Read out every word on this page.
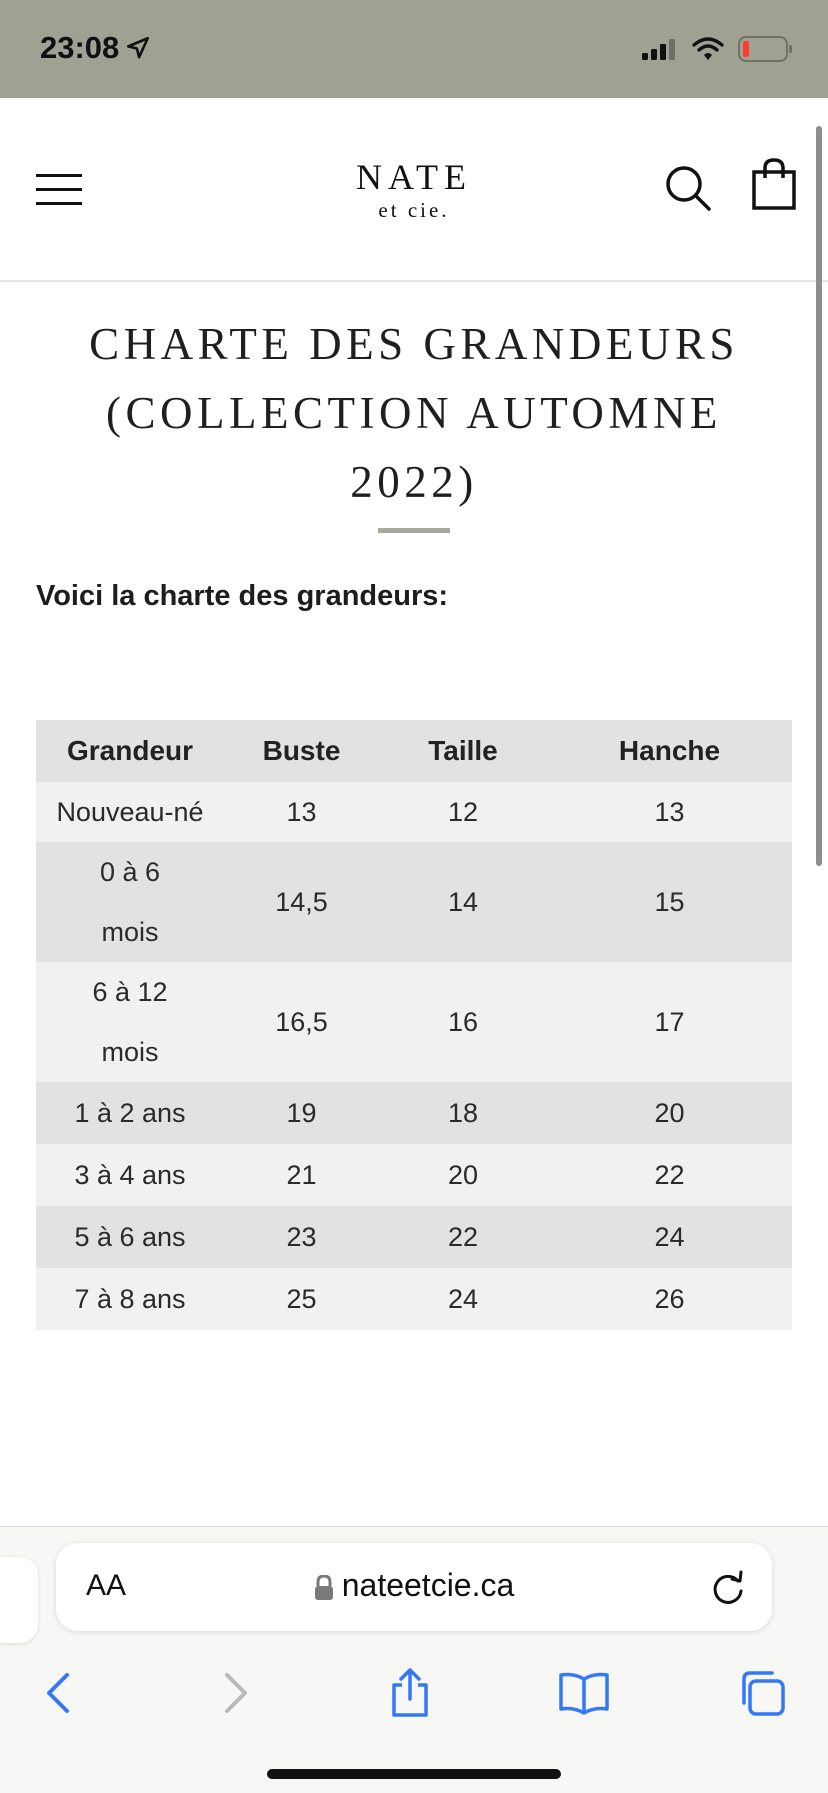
23:08
NATE
et cie.
CHARTE DES GRANDEURS (COLLECTION AUTOMNE 2022)
Voici la charte des grandeurs:
Grandeur	Buste	Taille	Hanche

Nouveau-né	13	12	13

0 à 6 mois	14,5	14	15

6 à 12 mois	16,5	16	17
1 à 2 ans	19	18	20
3 à 4 ans	21	20	22
5 à 6 ans	23	22	24
7 à 8 ans	25	24	26
AA	nateetcie.ca
